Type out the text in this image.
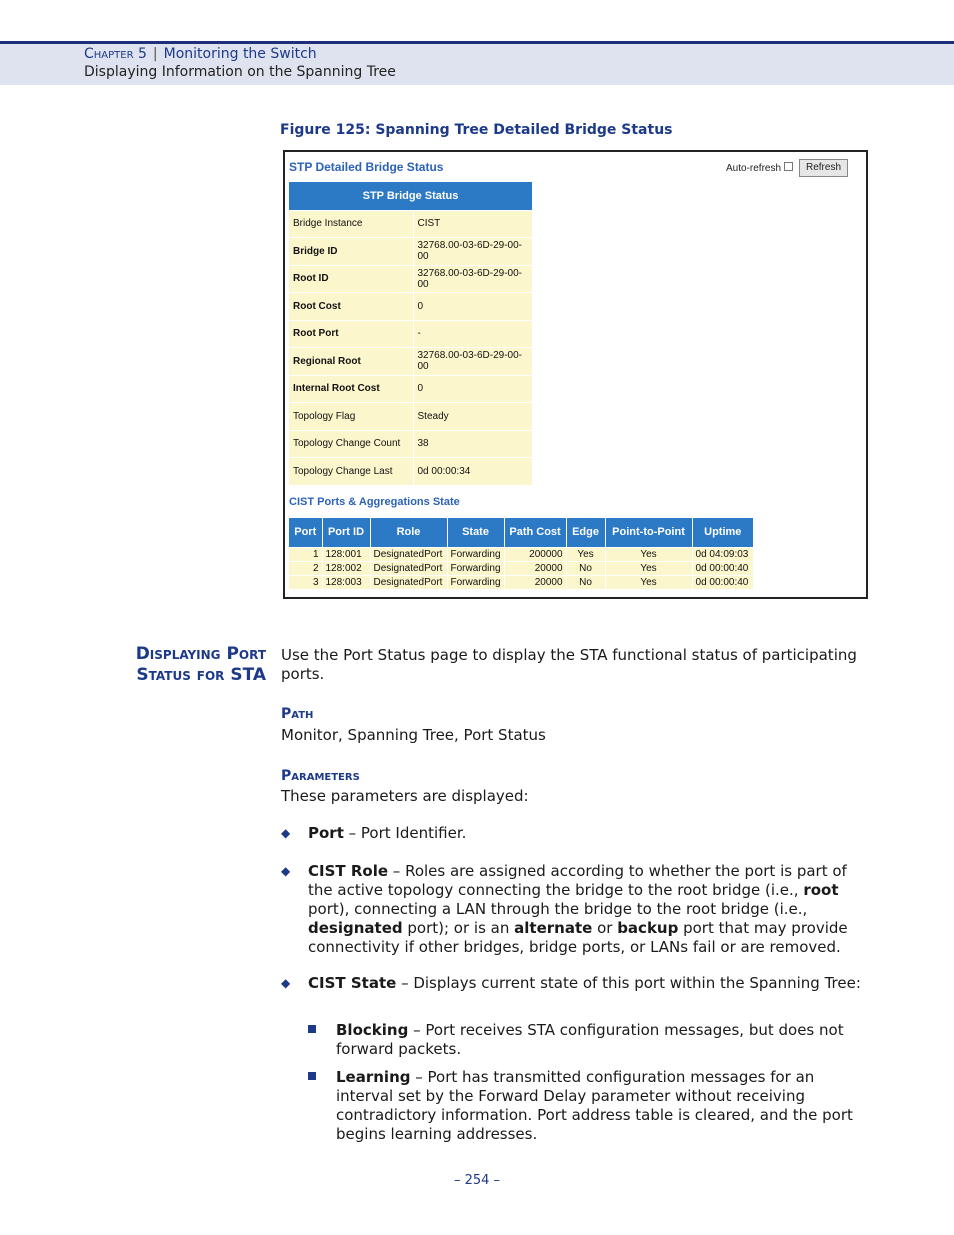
Chapter 5 | Monitoring the Switch
Displaying Information on the Spanning Tree
Figure 125: Spanning Tree Detailed Bridge Status
STP Detailed Bridge Status	Auto-refresh	Refresh
STP Bridge Status	
Bridge Instance	CIST
Bridge ID	32768.00-03-6D-29-00-00
Root ID	32768.00-03-6D-29-00-00
Root Cost	0
Root Port	-
Regional Root	32768.00-03-6D-29-00-00
Internal Root Cost	0
Topology Flag	Steady
Topology Change Count	38
Topology Change Last	0d 00:00:34
CIST Ports & Aggregations State
Port	Port ID	Role	State	Path Cost	Edge	Point-to-Point	Uptime
1	128:001	DesignatedPort	Forwarding	200000	Yes	Yes	0d 04:09:03
2	128:002	DesignatedPort	Forwarding	20000	No	Yes	0d 00:00:40
3	128:003	DesignatedPort	Forwarding	20000	No	Yes	0d 00:00:40
Displaying Port
Status for STA
Use the Port Status page to display the STA functional status of participating ports.
Path
Monitor, Spanning Tree, Port Status
Parameters
These parameters are displayed:
◆	Port – Port Identifier.
◆	CIST Role – Roles are assigned according to whether the port is part of the active topology connecting the bridge to the root bridge (i.e., root port), connecting a LAN through the bridge to the root bridge (i.e., designated port); or is an alternate or backup port that may provide connectivity if other bridges, bridge ports, or LANs fail or are removed.
◆	CIST State – Displays current state of this port within the Spanning Tree:
Blocking – Port receives STA configuration messages, but does not forward packets.
Learning – Port has transmitted configuration messages for an interval set by the Forward Delay parameter without receiving contradictory information. Port address table is cleared, and the port begins learning addresses.
– 254 –
